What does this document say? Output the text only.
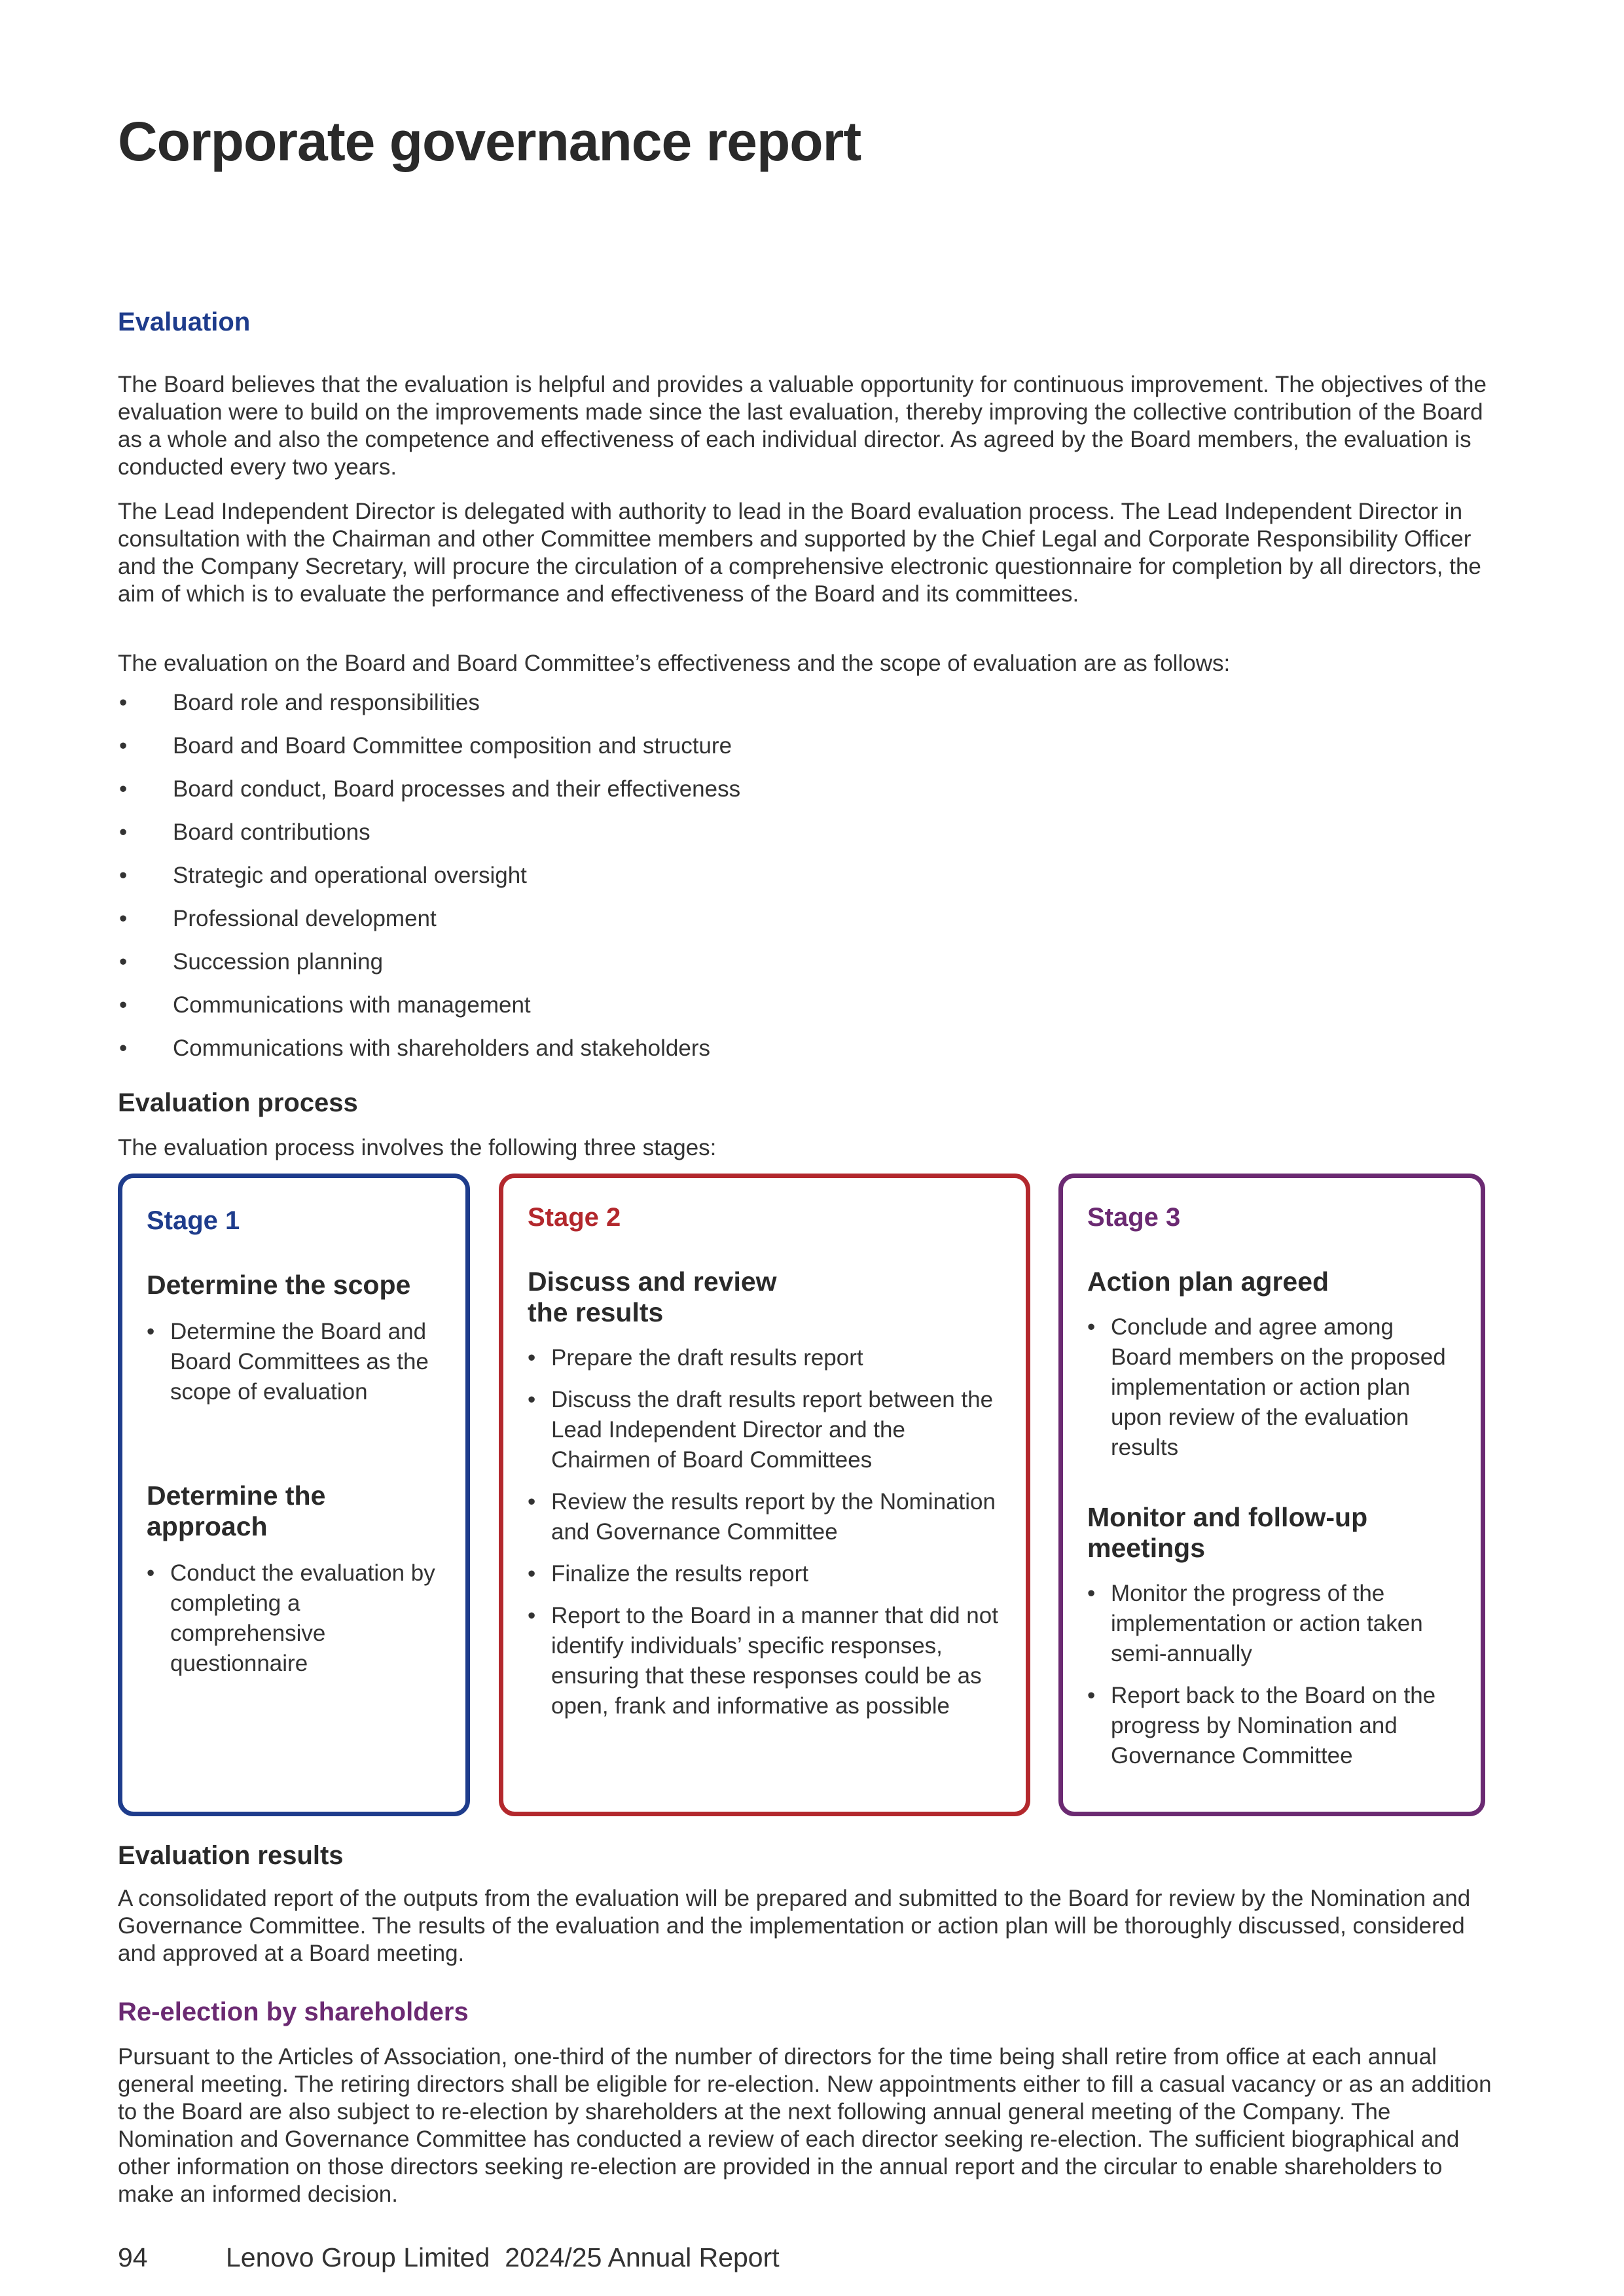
Corporate governance report
Evaluation

The Board believes that the evaluation is helpful and provides a valuable opportunity for continuous improvement. The objectives of the evaluation were to build on the improvements made since the last evaluation, thereby improving the collective contribution of the Board as a whole and also the competence and effectiveness of each individual director. As agreed by the Board members, the evaluation is conducted every two years.

The Lead Independent Director is delegated with authority to lead in the Board evaluation process. The Lead Independent Director in consultation with the Chairman and other Committee members and supported by the Chief Legal and Corporate Responsibility Officer and the Company Secretary, will procure the circulation of a comprehensive electronic questionnaire for completion by all directors, the aim of which is to evaluate the performance and effectiveness of the Board and its committees.

The evaluation on the Board and Board Committee’s effectiveness and the scope of evaluation are as follows:

• Board role and responsibilities
• Board and Board Committee composition and structure
• Board conduct, Board processes and their effectiveness
• Board contributions
• Strategic and operational oversight
• Professional development
• Succession planning
• Communications with management
• Communications with shareholders and stakeholders
Evaluation process

The evaluation process involves the following three stages:

Stage 1
Determine the scope
• Determine the Board and Board Committees as the scope of evaluation
Determine the approach
• Conduct the evaluation by completing a comprehensive questionnaire
Stage 2
Discuss and review the results
• Prepare the draft results report
• Discuss the draft results report between the Lead Independent Director and the Chairmen of Board Committees
• Review the results report by the Nomination and Governance Committee
• Finalize the results report
• Report to the Board in a manner that did not identify individuals’ specific responses, ensuring that these responses could be as open, frank and informative as possible
Stage 3
Action plan agreed
• Conclude and agree among Board members on the proposed implementation or action plan upon review of the evaluation results
Monitor and follow-up meetings
• Monitor the progress of the implementation or action taken semi-annually
• Report back to the Board on the progress by Nomination and Governance Committee
Evaluation results

A consolidated report of the outputs from the evaluation will be prepared and submitted to the Board for review by the Nomination and Governance Committee. The results of the evaluation and the implementation or action plan will be thoroughly discussed, considered and approved at a Board meeting.

Re-election by shareholders

Pursuant to the Articles of Association, one-third of the number of directors for the time being shall retire from office at each annual general meeting. The retiring directors shall be eligible for re-election. New appointments either to fill a casual vacancy or as an addition to the Board are also subject to re-election by shareholders at the next following annual general meeting of the Company. The Nomination and Governance Committee has conducted a review of each director seeking re-election. The sufficient biographical and other information on those directors seeking re-election are provided in the annual report and the circular to enable shareholders to make an informed decision.

94	Lenovo Group Limited  2024/25 Annual Report
